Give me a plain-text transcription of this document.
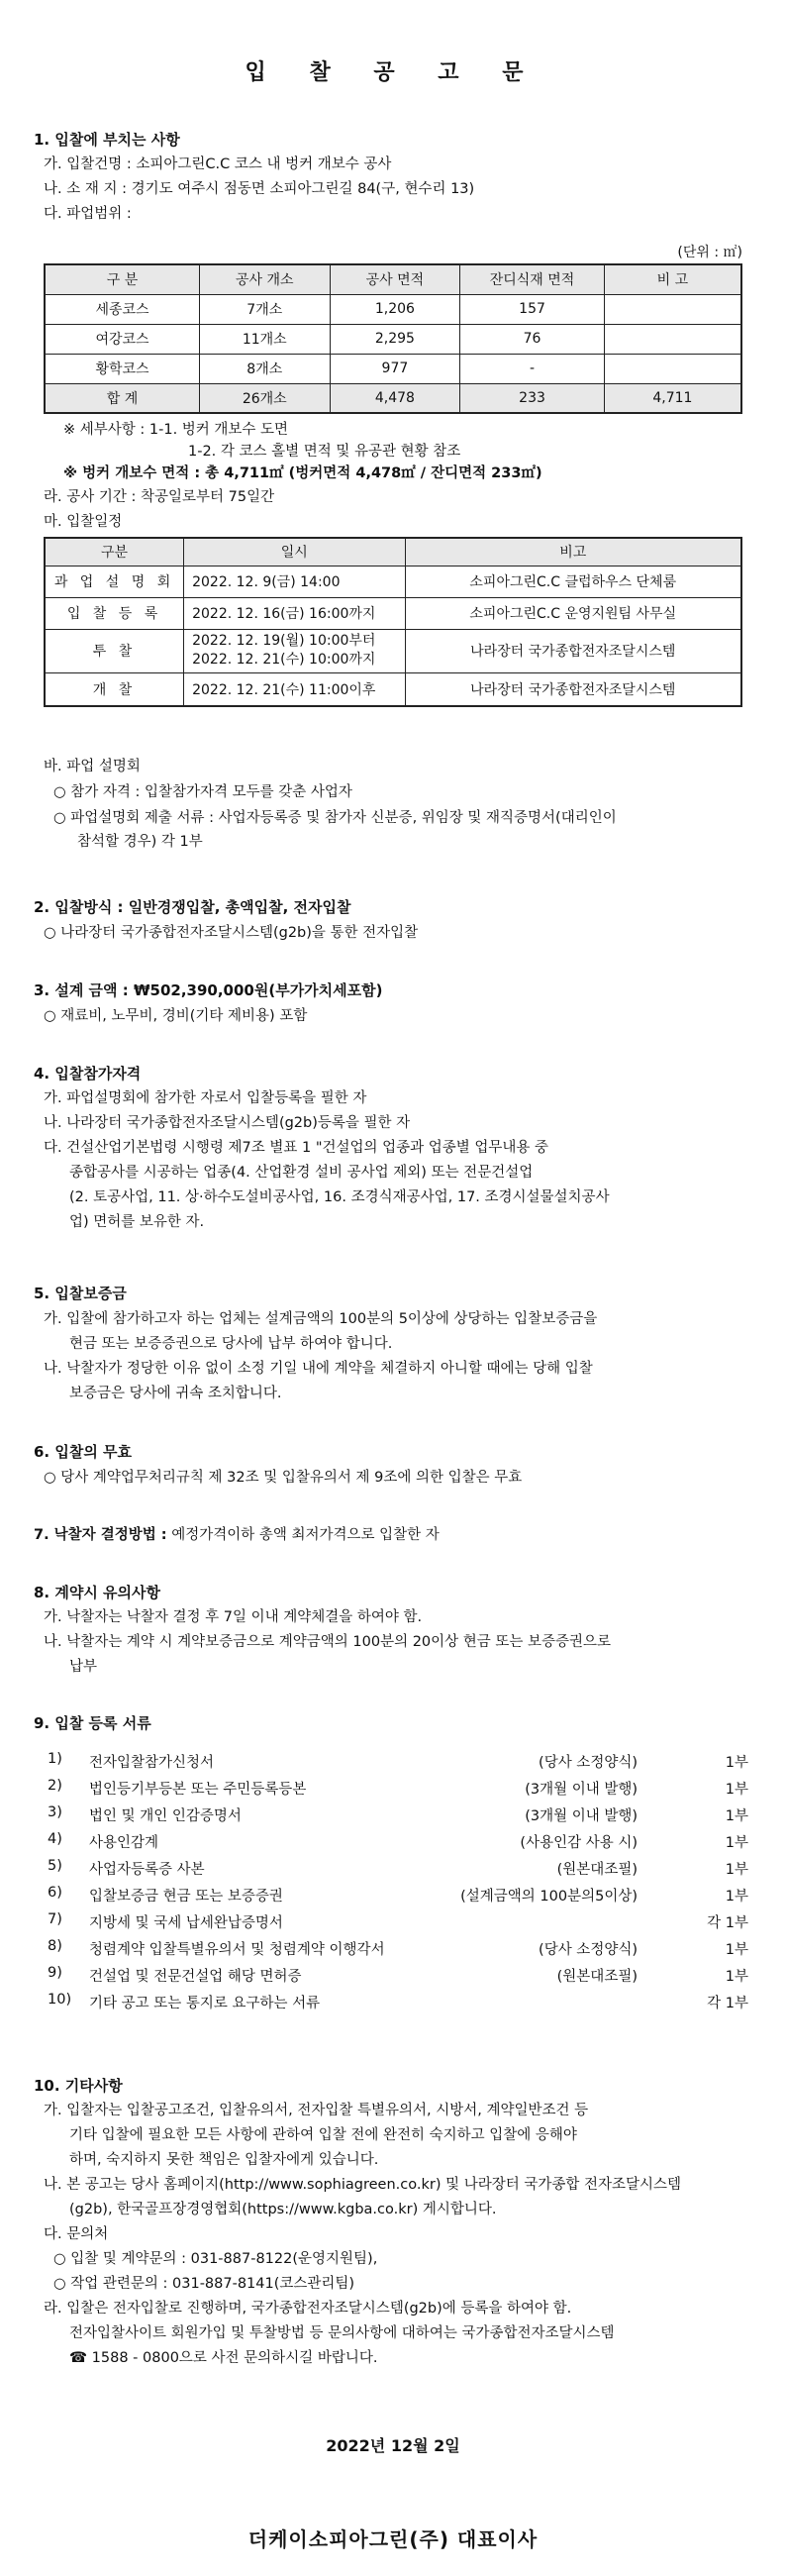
입 찰 공 고 문
1. 입찰에 부치는 사항
가. 입찰건명 : 소피아그린C.C 코스 내 벙커 개보수 공사
나. 소 재 지 : 경기도 여주시 점동면 소피아그린길 84(구, 현수리 13)
다. 파업범위 :
(단위 : ㎡)
구 분	공사 개소	공사 면적	잔디식재 면적	비 고
세종코스	7개소	1,206	157	
여강코스	11개소	2,295	76	
황학코스	8개소	977	-	
합 계	26개소	4,478	233	4,711
※ 세부사항 : 1-1. 벙커 개보수 도면
1-2. 각 코스 홀별 면적 및 유공관 현황 참조
※ 벙커 개보수 면적 : 총 4,711㎡ (벙커면적 4,478㎡ / 잔디면적 233㎡)
라. 공사 기간 : 착공일로부터 75일간
마. 입찰일정
구분	일시	비고
과 업 설 명 회	2022. 12. 9(금) 14:00	소피아그린C.C 클럽하우스 단체룸
입 찰 등 록	2022. 12. 16(금) 16:00까지	소피아그린C.C 운영지원팀 사무실
투 찰	2022. 12. 19(월) 10:00부터
2022. 12. 21(수) 10:00까지	나라장터 국가종합전자조달시스템
개 찰	2022. 12. 21(수) 11:00이후	나라장터 국가종합전자조달시스템
바. 파업 설명회
○ 참가 자격 : 입찰참가자격 모두를 갖춘 사업자
○ 파업설명회 제출 서류 : 사업자등록증 및 참가자 신분증, 위임장 및 재직증명서(대리인이
참석할 경우) 각 1부
2. 입찰방식 : 일반경쟁입찰, 총액입찰, 전자입찰
○ 나라장터 국가종합전자조달시스템(g2b)을 통한 전자입찰
3. 설계 금액 : ₩502,390,000원(부가가치세포함)
○ 재료비, 노무비, 경비(기타 제비용) 포함
4. 입찰참가자격
가. 파업설명회에 참가한 자로서 입찰등록을 필한 자
나. 나라장터 국가종합전자조달시스템(g2b)등록을 필한 자
다. 건설산업기본법령 시행령 제7조 별표 1 "건설업의 업종과 업종별 업무내용 중
종합공사를 시공하는 업종(4. 산업환경 설비 공사업 제외) 또는 전문건설업
(2. 토공사업, 11. 상·하수도설비공사업, 16. 조경식재공사업, 17. 조경시설물설치공사
업) 면허를 보유한 자.
5. 입찰보증금
가. 입찰에 참가하고자 하는 업체는 설계금액의 100분의 5이상에 상당하는 입찰보증금을
현금 또는 보증증권으로 당사에 납부 하여야 합니다.
나. 낙찰자가 정당한 이유 없이 소정 기일 내에 계약을 체결하지 아니할 때에는 당해 입찰
보증금은 당사에 귀속 조치합니다.
6. 입찰의 무효
○ 당사 계약업무처리규칙 제 32조 및 입찰유의서 제 9조에 의한 입찰은 무효
7. 낙찰자 결정방법 : 예정가격이하 총액 최저가격으로 입찰한 자
8. 계약시 유의사항
가. 낙찰자는 낙찰자 결정 후 7일 이내 계약체결을 하여야 함.
나. 낙찰자는 계약 시 계약보증금으로 계약금액의 100분의 20이상 현금 또는 보증증권으로
납부
9. 입찰 등록 서류
1) 전자입찰참가신청서	(당사 소정양식)	1부
2) 법인등기부등본 또는 주민등록등본	(3개월 이내 발행)	1부
3) 법인 및 개인 인감증명서	(3개월 이내 발행)	1부
4) 사용인감계	(사용인감 사용 시)	1부
5) 사업자등록증 사본	(원본대조필)	1부
6) 입찰보증금 현금 또는 보증증권	(설계금액의 100분의5이상)	1부
7) 지방세 및 국세 납세완납증명서	각 1부
8) 청렴계약 입찰특별유의서 및 청렴계약 이행각서	(당사 소정양식)	1부
9) 건설업 및 전문건설업 해당 면허증	(원본대조필)	1부
10) 기타 공고 또는 통지로 요구하는 서류	각 1부
10. 기타사항
가. 입찰자는 입찰공고조건, 입찰유의서, 전자입찰 특별유의서, 시방서, 계약일반조건 등
기타 입찰에 필요한 모든 사항에 관하여 입찰 전에 완전히 숙지하고 입찰에 응해야
하며, 숙지하지 못한 책임은 입찰자에게 있습니다.
나. 본 공고는 당사 홈페이지(http://www.sophiagreen.co.kr) 및 나라장터 국가종합 전자조달시스템
(g2b), 한국골프장경영협회(https://www.kgba.co.kr) 게시합니다.
다. 문의처
○ 입찰 및 계약문의 : 031-887-8122(운영지원팀),
○ 작업 관련문의 : 031-887-8141(코스관리팀)
라. 입찰은 전자입찰로 진행하며, 국가종합전자조달시스템(g2b)에 등록을 하여야 함.
전자입찰사이트 회원가입 및 투찰방법 등 문의사항에 대하여는 국가종합전자조달시스템
☎ 1588 - 0800으로 사전 문의하시길 바랍니다.
2022년 12월 2일
더케이소피아그린(주) 대표이사
